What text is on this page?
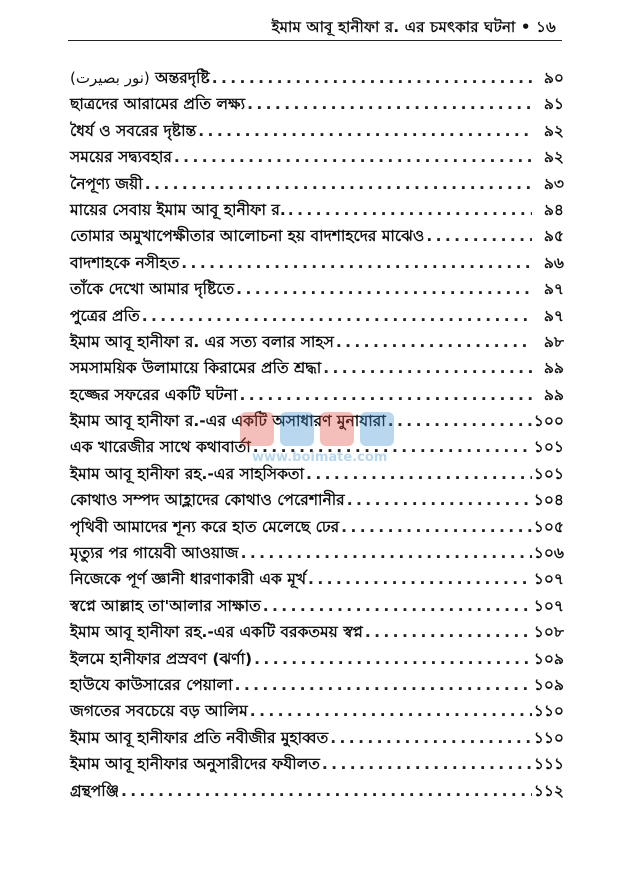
ইমাম আবূ হানীফা র. এর চমৎকার ঘটনা • ১৬
(نور بصيرت) অন্তরদৃষ্টি . . .	৯০
ছাত্রদের আরামের প্রতি লক্ষ্য . . .	৯১
ধৈর্য ও সবরের দৃষ্টান্ত . . .	৯২
সময়ের সদ্ব্যবহার . . .	৯২
নৈপূণ্য জয়ী . . .	৯৩
মায়ের সেবায় ইমাম আবূ হানীফা র. . . .	৯৪
তোমার অমুখাপেক্ষীতার আলোচনা হয় বাদশাহদের মাঝেও . . .	৯৫
বাদশাহকে নসীহত . . .	৯৬
তাঁকে দেখো আমার দৃষ্টিতে . . .	৯৭
পুত্রের প্রতি . . .	৯৭
ইমাম আবূ হানীফা র. এর সত্য বলার সাহস . . .	৯৮
সমসাময়িক উলামায়ে কিরামের প্রতি শ্রদ্ধা . . .	৯৯
হজ্জের সফরের একটি ঘটনা . . .	৯৯
ইমাম আবূ হানীফা র.-এর একটি অসাধারণ মুনাযারা . . .	১০০
এক খারেজীর সাথে কথাবার্তা . . .	১০১
ইমাম আবূ হানীফা রহ.-এর সাহসিকতা . . .	১০১
কোথাও সম্পদ আহ্লাদের কোথাও পেরেশানীর . . .	১০৪
পৃথিবী আমাদের শূন্য করে হাত মেলেছে ঢের . . .	১০৫
মৃত্যুর পর গায়েবী আওয়াজ . . .	১০৬
নিজেকে পূর্ণ জ্ঞানী ধারণাকারী এক মূর্খ . . .	১০৭
স্বপ্নে আল্লাহ তা'আলার সাক্ষাত . . .	১০৭
ইমাম আবূ হানীফা রহ.-এর একটি বরকতময় স্বপ্ন . . .	১০৮
ইলমে হানীফার প্রস্রবণ (ঝর্ণা) . . .	১০৯
হাউযে কাউসারের পেয়ালা . . .	১০৯
জগতের সবচেয়ে বড় আলিম . . .	১১০
ইমাম আবূ হানীফার প্রতি নবীজীর মুহাব্বত . . .	১১০
ইমাম আবূ হানীফার অনুসারীদের ফযীলত . . .	১১১
গ্রন্থপঞ্জি . . .	১১২
www.boimate.com
